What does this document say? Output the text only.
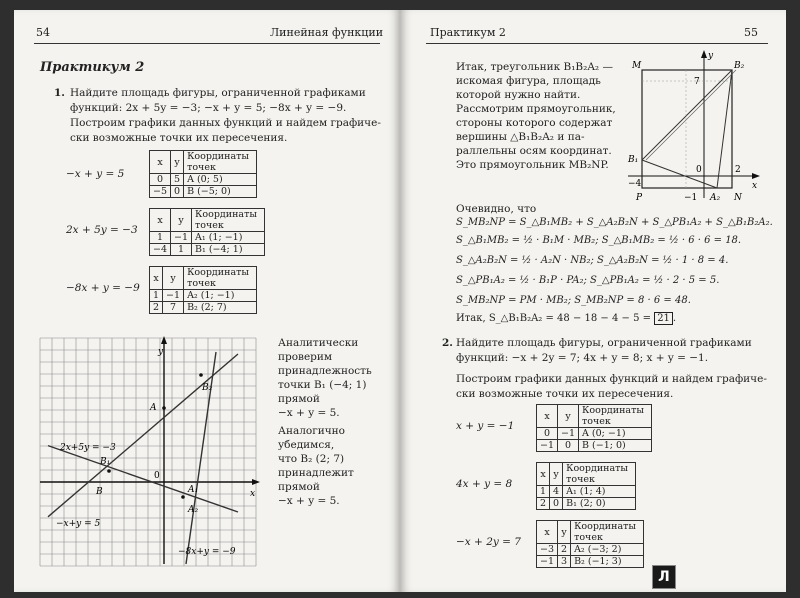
54	Линейная функции
Практикум 2
1. Найдите площадь фигуры, ограниченной графиками
функций: 2x + 5y = −3; −x + y = 5; −8x + y = −9.
Построим графики данных функций и найдем графиче-
ски возможные точки их пересечения.
−x + y = 5
x	y	Координаты точек
0	5	A (0; 5)
−5	0	B (−5; 0)
2x + 5y = −3
x	y	Координаты точек
1	−1	A₁ (1; −1)
−4	1	B₁ (−4; 1)
−8x + y = −9
x	y	Координаты точек
1	−1	A₂ (1; −1)
2	7	B₂ (2; 7)
y
x
0
A
B
B₁
B₂
A₁
A₂
2x+5y = −3
−x+y = 5
−8x+y = −9
Аналитически
проверим
принадлежность
точки B₁ (−4; 1)
прямой
−x + y = 5.
Аналогично
убедимся,
что B₂ (2; 7)
принадлежит
прямой
−x + y = 5.
Практикум 2	55
Итак, треугольник B₁B₂A₂ —
искомая фигура, площадь
которой нужно найти.
Рассмотрим прямоугольник,
стороны которого содержат
вершины △B₁B₂A₂ и па-
раллельны осям координат.
Это прямоугольник MB₂NP.
M	B₂
B₁
P	A₂ N
y
x
7
0	2
−4
−1
Очевидно, что
S_MB₂NP = S_△B₁MB₂ + S_△A₂B₂N + S_△PB₁A₂ + S_△B₁B₂A₂.
S_△B₁MB₂ = ½ · B₁M · MB₂; S_△B₁MB₂ = ½ · 6 · 6 = 18.
S_△A₂B₂N = ½ · A₂N · NB₂; S_△A₂B₂N = ½ · 1 · 8 = 4.
S_△PB₁A₂ = ½ · B₁P · PA₂; S_△PB₁A₂ = ½ · 2 · 5 = 5.
S_MB₂NP = PM · MB₂; S_MB₂NP = 8 · 6 = 48.
Итак, S_△B₁B₂A₂ = 48 − 18 − 4 − 5 = 21 .
2. Найдите площадь фигуры, ограниченной графиками
функций: −x + 2y = 7; 4x + y = 8; x + y = −1.
Построим графики данных функций и найдем графиче-
ски возможные точки их пересечения.
x + y = −1
x	y	Координаты точек
0	−1	A (0; −1)
−1	0	B (−1; 0)
4x + y = 8
x	y	Координаты точек
1	4	A₁ (1; 4)
2	0	B₁ (2; 0)
−x + 2y = 7
x	y	Координаты точек
−3	2	A₂ (−3; 2)
−1	3	B₂ (−1; 3)
Л
